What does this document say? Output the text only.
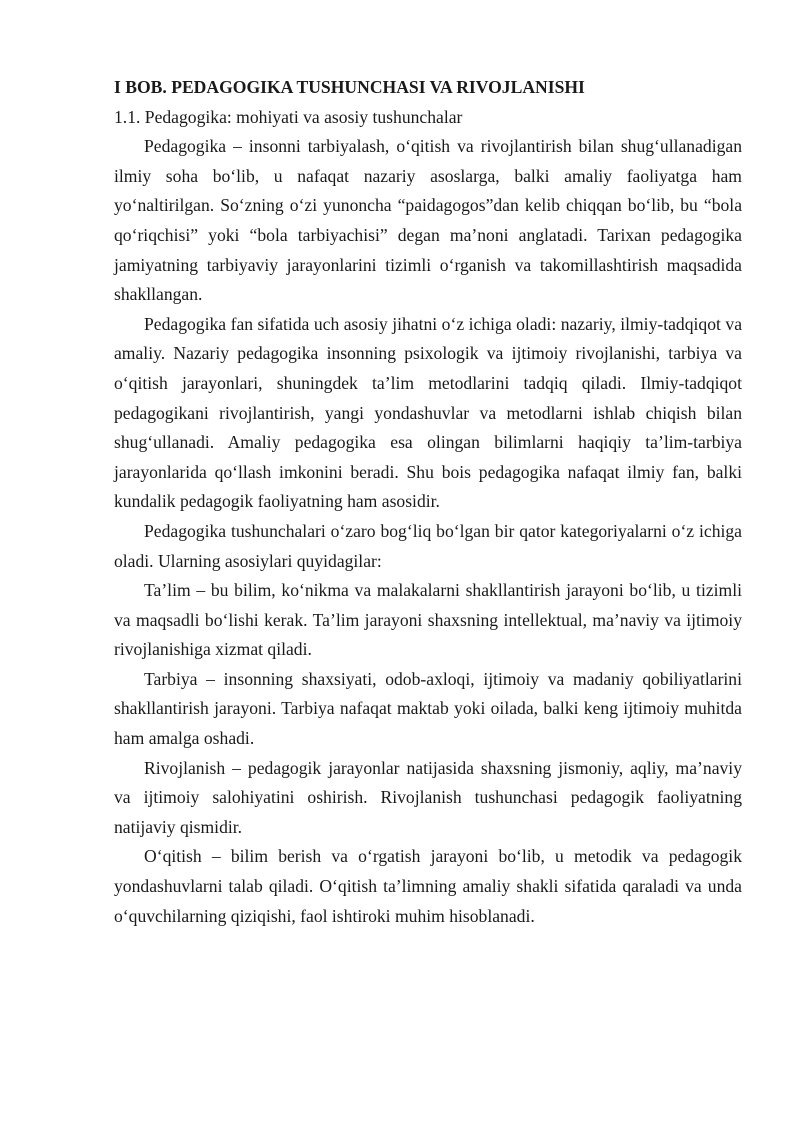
I BOB. PEDAGOGIKA TUSHUNCHASI VA RIVOJLANISHI

1.1. Pedagogika: mohiyati va asosiy tushunchalar

Pedagogika – insonni tarbiyalash, oʻqitish va rivojlantirish bilan shugʻullanadigan ilmiy soha boʻlib, u nafaqat nazariy asoslarga, balki amaliy faoliyatga ham yoʻnaltirilgan. Soʻzning oʻzi yunoncha “paidagogos”dan kelib chiqqan boʻlib, bu “bola qoʻriqchisi” yoki “bola tarbiyachisi” degan maʼnoni anglatadi. Tarixan pedagogika jamiyatning tarbiyaviy jarayonlarini tizimli oʻrganish va takomillashtirish maqsadida shakllangan.

Pedagogika fan sifatida uch asosiy jihatni oʻz ichiga oladi: nazariy, ilmiy-tadqiqot va amaliy. Nazariy pedagogika insonning psixologik va ijtimoiy rivojlanishi, tarbiya va oʻqitish jarayonlari, shuningdek taʼlim metodlarini tadqiq qiladi. Ilmiy-tadqiqot pedagogikani rivojlantirish, yangi yondashuvlar va metodlarni ishlab chiqish bilan shugʻullanadi. Amaliy pedagogika esa olingan bilimlarni haqiqiy taʼlim-tarbiya jarayonlarida qoʻllash imkonini beradi. Shu bois pedagogika nafaqat ilmiy fan, balki kundalik pedagogik faoliyatning ham asosidir.

Pedagogika tushunchalari oʻzaro bogʻliq boʻlgan bir qator kategoriyalarni oʻz ichiga oladi. Ularning asosiylari quyidagilar:

Taʼlim – bu bilim, koʻnikma va malakalarni shakllantirish jarayoni boʻlib, u tizimli va maqsadli boʻlishi kerak. Taʼlim jarayoni shaxsning intellektual, maʼnaviy va ijtimoiy rivojlanishiga xizmat qiladi.

Tarbiya – insonning shaxsiyati, odob-axloqi, ijtimoiy va madaniy qobiliyatlarini shakllantirish jarayoni. Tarbiya nafaqat maktab yoki oilada, balki keng ijtimoiy muhitda ham amalga oshadi.

Rivojlanish – pedagogik jarayonlar natijasida shaxsning jismoniy, aqliy, maʼnaviy va ijtimoiy salohiyatini oshirish. Rivojlanish tushunchasi pedagogik faoliyatning natijaviy qismidir.

Oʻqitish – bilim berish va oʻrgatish jarayoni boʻlib, u metodik va pedagogik yondashuvlarni talab qiladi. Oʻqitish taʼlimning amaliy shakli sifatida qaraladi va unda oʻquvchilarning qiziqishi, faol ishtiroki muhim hisoblanadi.
